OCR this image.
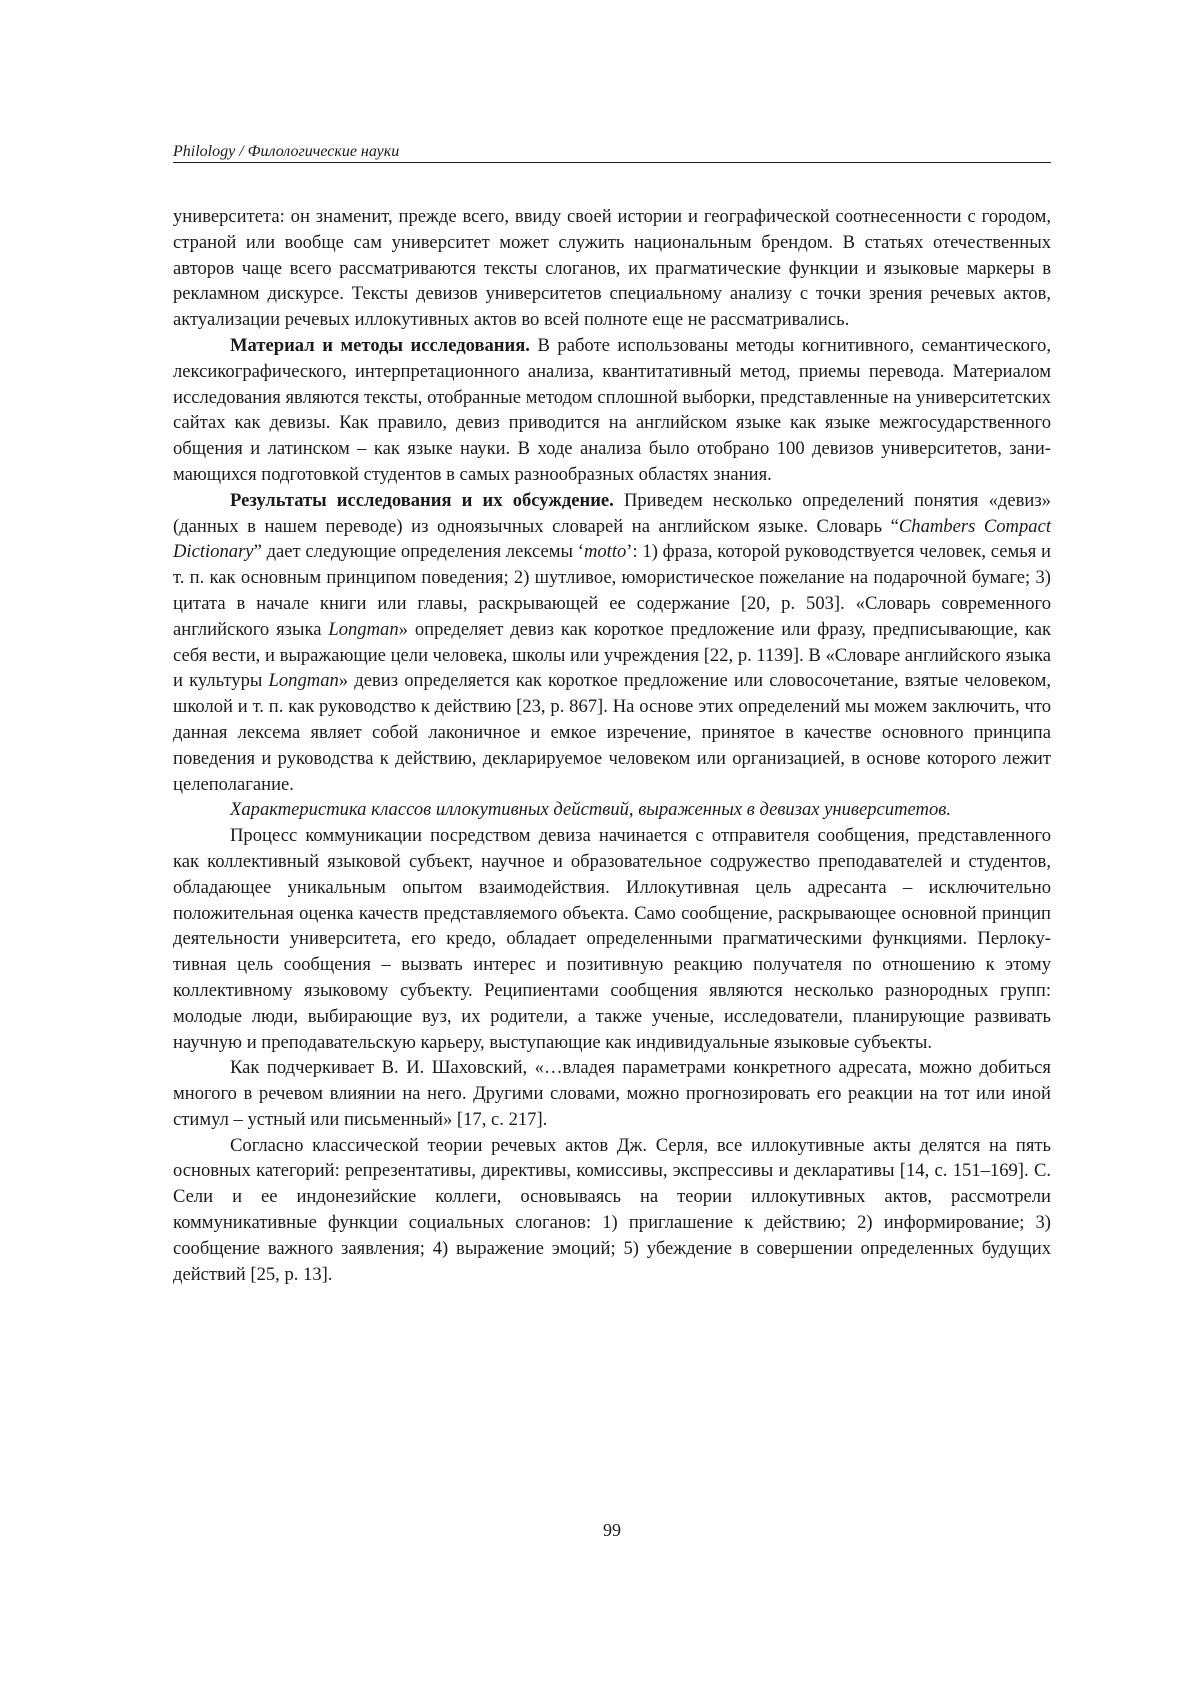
Philology / Филологические науки

университета: он знаменит, прежде всего, ввиду своей истории и географической соотнесенности с городом, страной или вообще сам университет может служить национальным брендом. В статьях отечественных авторов чаще всего рассматриваются тексты слоганов, их прагматические функции и языковые маркеры в рекламном дискурсе. Тексты девизов университетов специальному анализу с точки зрения речевых актов, актуализации речевых иллокутивных актов во всей полноте еще не рассматривались.

Материал и методы исследования. В работе использованы методы когнитивного, семантического, лексикографического, интерпретационного анализа, квантитативный метод, приемы перевода. Материалом исследования являются тексты, отобранные методом сплошной выборки, представленные на университетских сайтах как девизы. Как правило, девиз приводится на английском языке как языке межгосударственного общения и латинском – как языке науки. В ходе анализа было отобрано 100 девизов университетов, занимающихся подготовкой студентов в самых разнообразных областях знания.

Результаты исследования и их обсуждение. Приведем несколько определений понятия «девиз» (данных в нашем переводе) из одноязычных словарей на английском языке. Словарь “Chambers Compact Dictionary” дает следующие определения лексемы ‘motto’: 1) фраза, которой руководствуется человек, семья и т. п. как основным принципом поведения; 2) шутливое, юмористическое пожелание на подарочной бумаге; 3) цитата в начале книги или главы, раскрывающей ее содержание [20, p. 503]. «Словарь современного английского языка Longman» определяет девиз как короткое предложение или фразу, предписывающие, как себя вести, и выражающие цели человека, школы или учреждения [22, p. 1139]. В «Словаре английского языка и культуры Longman» девиз определяется как короткое предложение или словосочетание, взятые человеком, школой и т. п. как руководство к действию [23, p. 867]. На основе этих определений мы можем заключить, что данная лексема являет собой лаконичное и емкое изречение, принятое в качестве основного принципа поведения и руководства к действию, декларируемое человеком или организацией, в основе которого лежит целеполагание.

Характеристика классов иллокутивных действий, выраженных в девизах университетов.

Процесс коммуникации посредством девиза начинается с отправителя сообщения, представленного как коллективный языковой субъект, научное и образовательное содружество преподавателей и студентов, обладающее уникальным опытом взаимодействия. Иллокутивная цель адресанта – исключительно положительная оценка качеств представляемого объекта. Само сообщение, раскрывающее основной принцип деятельности университета, его кредо, обладает определенными прагматическими функциями. Перлокутивная цель сообщения – вызвать интерес и позитивную реакцию получателя по отношению к этому коллективному языковому субъекту. Реципиентами сообщения являются несколько разнородных групп: молодые люди, выбирающие вуз, их родители, а также ученые, исследователи, планирующие развивать научную и преподавательскую карьеру, выступающие как индивидуальные языковые субъекты.

Как подчеркивает В. И. Шаховский, «…владея параметрами конкретного адресата, можно добиться многого в речевом влиянии на него. Другими словами, можно прогнозировать его реакции на тот или иной стимул – устный или письменный» [17, с. 217].

Согласно классической теории речевых актов Дж. Серля, все иллокутивные акты делятся на пять основных категорий: репрезентативы, директивы, комиссивы, экспрессивы и декларативы [14, с. 151–169]. С. Сели и ее индонезийские коллеги, основываясь на теории иллокутивных актов, рассмотрели коммуникативные функции социальных слоганов: 1) приглашение к действию; 2) информирование; 3) сообщение важного заявления; 4) выражение эмоций; 5) убеждение в совершении определенных будущих действий [25, p. 13].

99
